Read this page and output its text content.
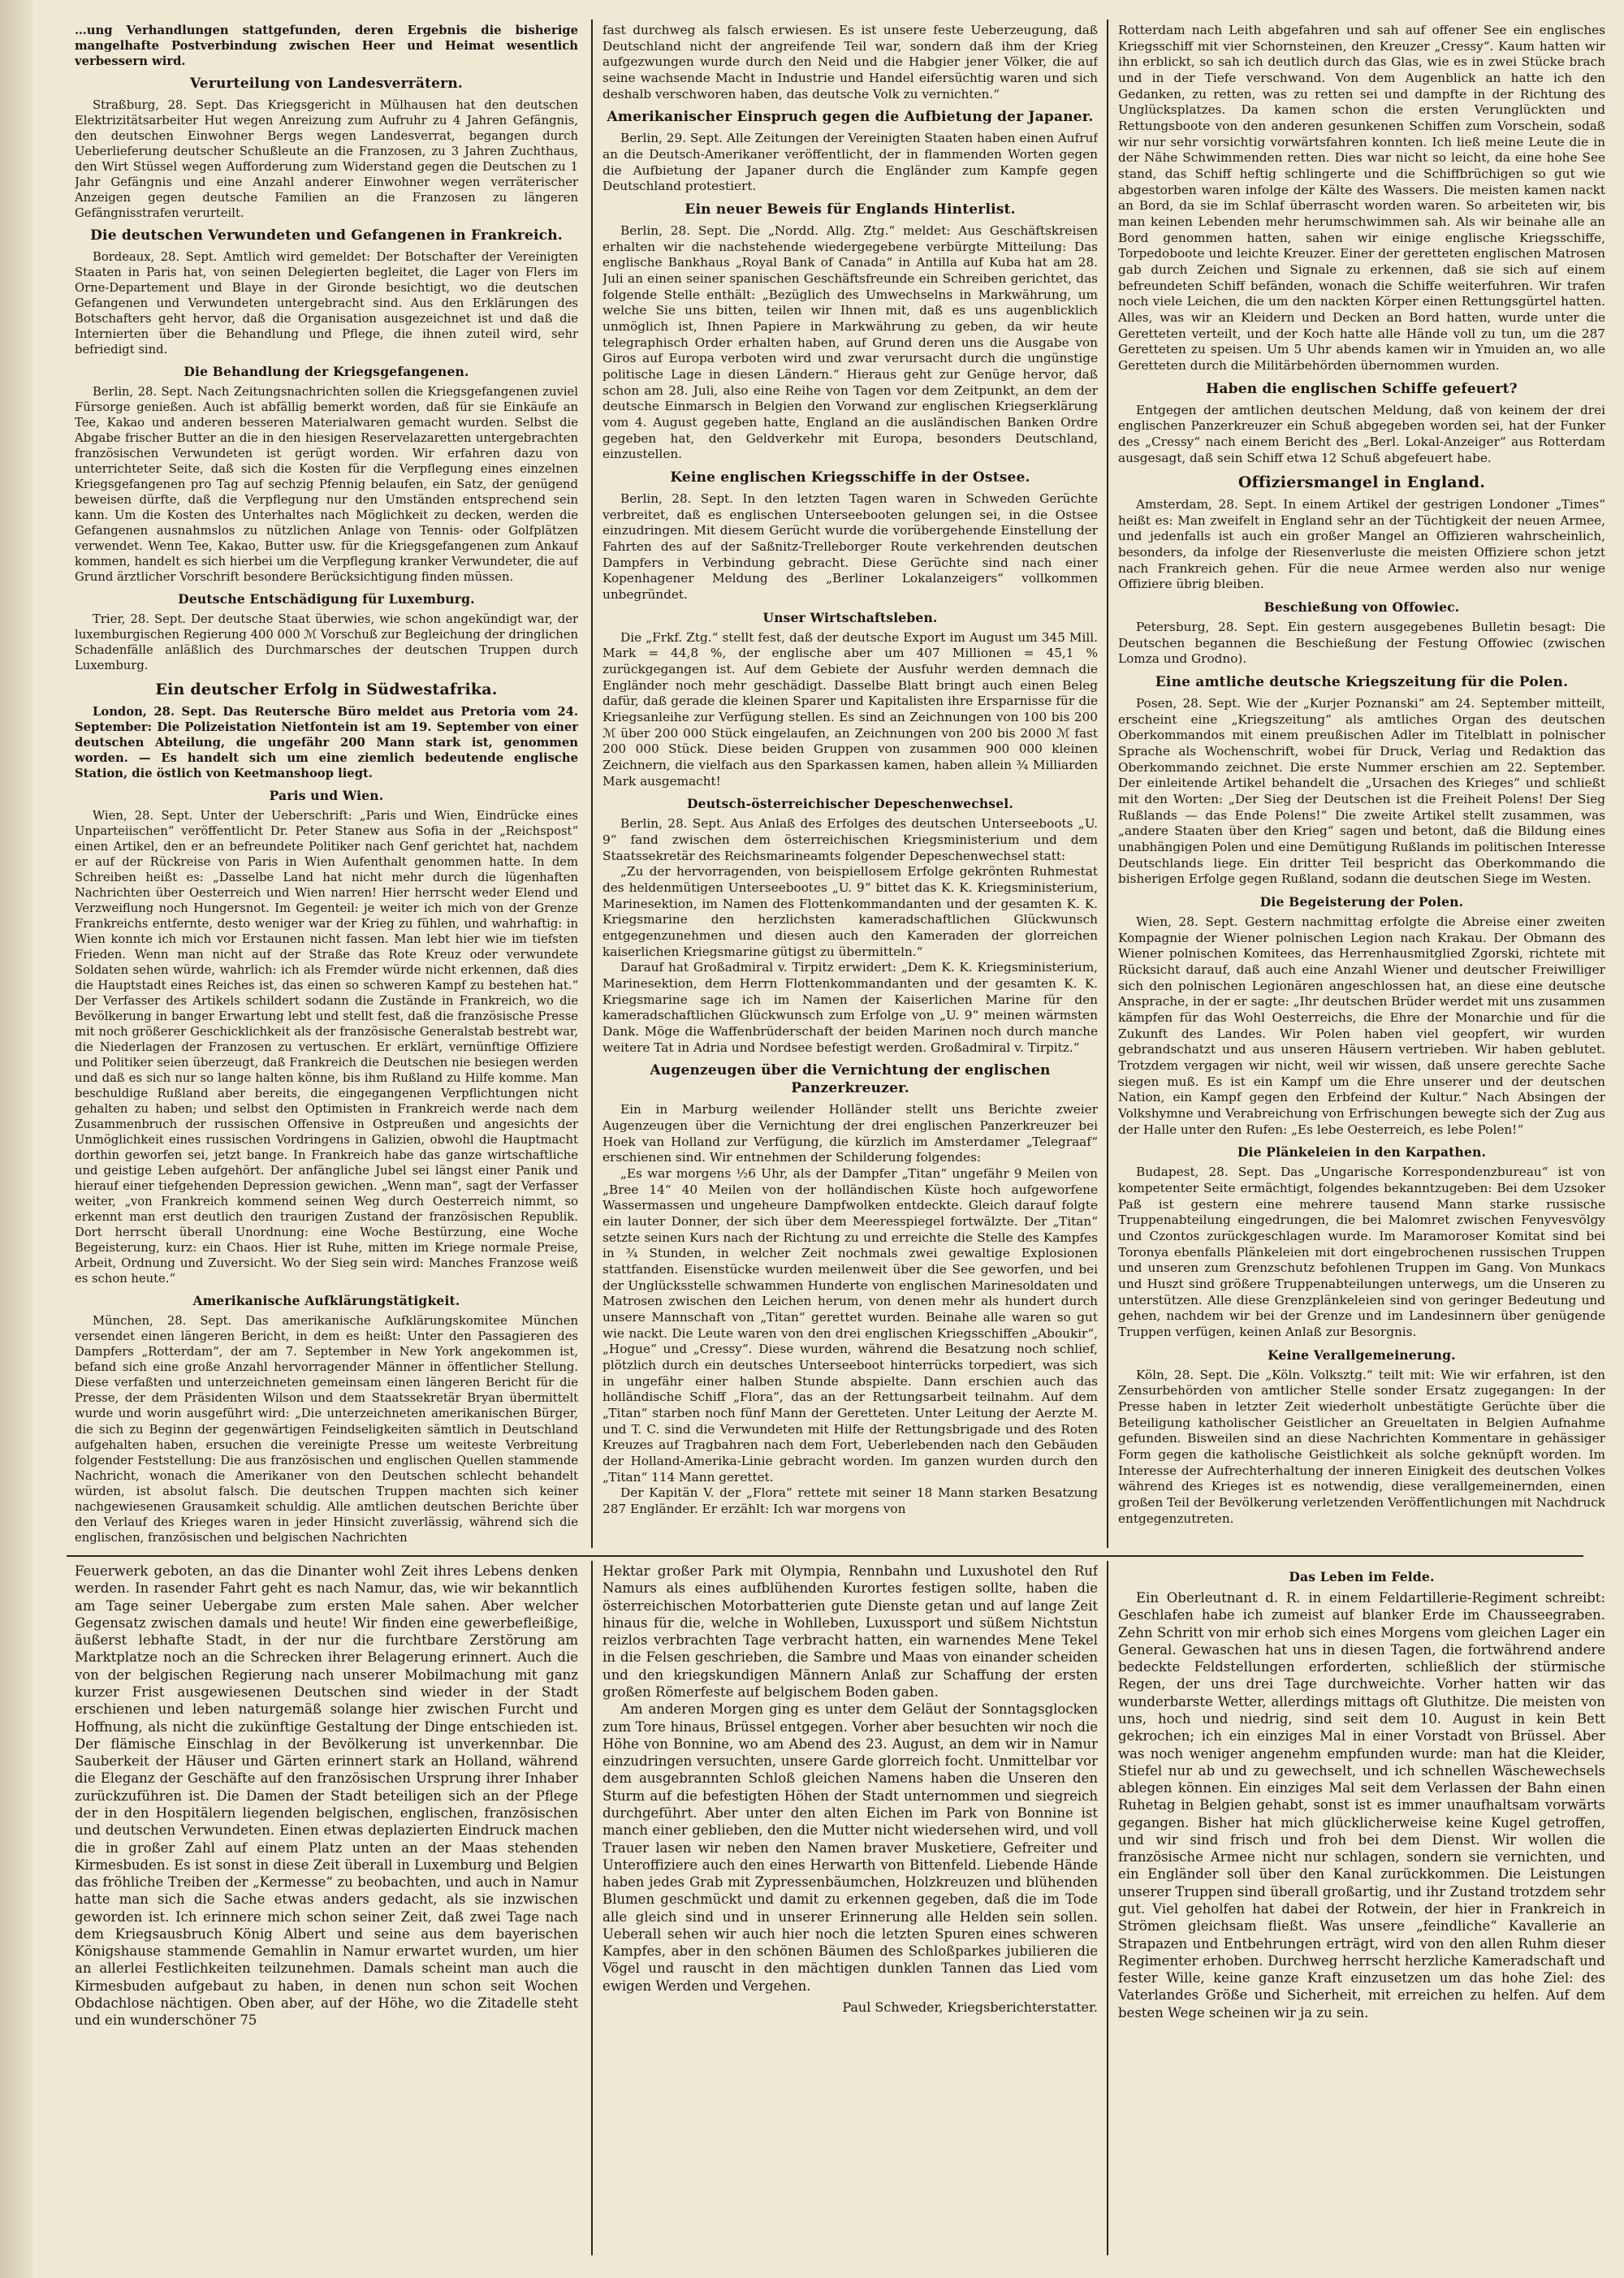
…ung Verhandlungen stattgefunden, deren Ergebnis die bisherige mangelhafte Postverbindung zwischen Heer und Heimat wesentlich verbessern wird.

Verurteilung von Landesverrätern.

Straßburg, 28. Sept. Das Kriegsgericht in Mülhausen hat den deutschen Elektrizitätsarbeiter Hut wegen Anreizung zum Aufruhr zu 4 Jahren Gefängnis, den deutschen Einwohner Bergs wegen Landesverrat, begangen durch Ueberlieferung deutscher Schußleute an die Franzosen, zu 3 Jahren Zuchthaus, den Wirt Stüssel wegen Aufforderung zum Widerstand gegen die Deutschen zu 1 Jahr Gefängnis und eine Anzahl anderer Einwohner wegen verräterischer Anzeigen gegen deutsche Familien an die Franzosen zu längeren Gefängnisstrafen verurteilt.

Die deutschen Verwundeten und Gefangenen in Frankreich.

Bordeaux, 28. Sept. Amtlich wird gemeldet: Der Botschafter der Vereinigten Staaten in Paris hat, von seinen Delegierten begleitet, die Lager von Flers im Orne-Departement und Blaye in der Gironde besichtigt, wo die deutschen Gefangenen und Verwundeten untergebracht sind. Aus den Erklärungen des Botschafters geht hervor, daß die Organisation ausgezeichnet ist und daß die Internierten über die Behandlung und Pflege, die ihnen zuteil wird, sehr befriedigt sind.

Die Behandlung der Kriegsgefangenen.

Berlin, 28. Sept. Nach Zeitungsnachrichten sollen die Kriegsgefangenen zuviel Fürsorge genießen. Auch ist abfällig bemerkt worden, daß für sie Einkäufe an Tee, Kakao und anderen besseren Materialwaren gemacht wurden. Selbst die Abgabe frischer Butter an die in den hiesigen Reservelazaretten untergebrachten französischen Verwundeten ist gerügt worden. Wir erfahren dazu von unterrichteter Seite, daß sich die Kosten für die Verpflegung eines einzelnen Kriegsgefangenen pro Tag auf sechzig Pfennig belaufen, ein Satz, der genügend beweisen dürfte, daß die Verpflegung nur den Umständen entsprechend sein kann. Um die Kosten des Unterhaltes nach Möglichkeit zu decken, werden die Gefangenen ausnahmslos zu nützlichen Anlage von Tennis- oder Golfplätzen verwendet. Wenn Tee, Kakao, Butter usw. für die Kriegsgefangenen zum Ankauf kommen, handelt es sich hierbei um die Verpflegung kranker Verwundeter, die auf Grund ärztlicher Vorschrift besondere Berücksichtigung finden müssen.

Deutsche Entschädigung für Luxemburg.

Trier, 28. Sept. Der deutsche Staat überwies, wie schon angekündigt war, der luxemburgischen Regierung 400 000 ℳ Vorschuß zur Begleichung der dringlichen Schadenfälle anläßlich des Durchmarsches der deutschen Truppen durch Luxemburg.

Ein deutscher Erfolg in Südwestafrika.

London, 28. Sept. Das Reutersche Büro meldet aus Pretoria vom 24. September: Die Polizeistation Nietfontein ist am 19. September von einer deutschen Abteilung, die ungefähr 200 Mann stark ist, genommen worden. — Es handelt sich um eine ziemlich bedeutende englische Station, die östlich von Keetmanshoop liegt.

Paris und Wien.

Wien, 28. Sept. Unter der Ueberschrift: „Paris und Wien, Eindrücke eines Unparteiischen“ veröffentlicht Dr. Peter Stanew aus Sofia in der „Reichspost“ einen Artikel, den er an befreundete Politiker nach Genf gerichtet hat, nachdem er auf der Rückreise von Paris in Wien Aufenthalt genommen hatte. In dem Schreiben heißt es: „Dasselbe Land hat nicht mehr durch die lügenhaften Nachrichten über Oesterreich und Wien narren! Hier herrscht weder Elend und Verzweiflung noch Hungersnot. Im Gegenteil: je weiter ich mich von der Grenze Frankreichs entfernte, desto weniger war der Krieg zu fühlen, und wahrhaftig: in Wien konnte ich mich vor Erstaunen nicht fassen. Man lebt hier wie im tiefsten Frieden. Wenn man nicht auf der Straße das Rote Kreuz oder verwundete Soldaten sehen würde, wahrlich: ich als Fremder würde nicht erkennen, daß dies die Hauptstadt eines Reiches ist, das einen so schweren Kampf zu bestehen hat.“ Der Verfasser des Artikels schildert sodann die Zustände in Frankreich, wo die Bevölkerung in banger Erwartung lebt und stellt fest, daß die französische Presse mit noch größerer Geschicklichkeit als der französische Generalstab bestrebt war, die Niederlagen der Franzosen zu vertuschen. Er erklärt, vernünftige Offiziere und Politiker seien überzeugt, daß Frankreich die Deutschen nie besiegen werden und daß es sich nur so lange halten könne, bis ihm Rußland zu Hilfe komme. Man beschuldige Rußland aber bereits, die eingegangenen Verpflichtungen nicht gehalten zu haben; und selbst den Optimisten in Frankreich werde nach dem Zusammenbruch der russischen Offensive in Ostpreußen und angesichts der Unmöglichkeit eines russischen Vordringens in Galizien, obwohl die Hauptmacht dorthin geworfen sei, jetzt bange. In Frankreich habe das ganze wirtschaftliche und geistige Leben aufgehört. Der anfängliche Jubel sei längst einer Panik und hierauf einer tiefgehenden Depression gewichen. „Wenn man“, sagt der Verfasser weiter, „von Frankreich kommend seinen Weg durch Oesterreich nimmt, so erkennt man erst deutlich den traurigen Zustand der französischen Republik. Dort herrscht überall Unordnung: eine Woche Bestürzung, eine Woche Begeisterung, kurz: ein Chaos. Hier ist Ruhe, mitten im Kriege normale Preise, Arbeit, Ordnung und Zuversicht. Wo der Sieg sein wird: Manches Franzose weiß es schon heute.“

Amerikanische Aufklärungstätigkeit.

München, 28. Sept. Das amerikanische Aufklärungskomitee München versendet einen längeren Bericht, in dem es heißt: Unter den Passagieren des Dampfers „Rotterdam“, der am 7. September in New York angekommen ist, befand sich eine große Anzahl hervorragender Männer in öffentlicher Stellung. Diese verfaßten und unterzeichneten gemeinsam einen längeren Bericht für die Presse, der dem Präsidenten Wilson und dem Staatssekretär Bryan übermittelt wurde und worin ausgeführt wird: „Die unterzeichneten amerikanischen Bürger, die sich zu Beginn der gegenwärtigen Feindseligkeiten sämtlich in Deutschland aufgehalten haben, ersuchen die vereinigte Presse um weiteste Verbreitung folgender Feststellung: Die aus französischen und englischen Quellen stammende Nachricht, wonach die Amerikaner von den Deutschen schlecht behandelt würden, ist absolut falsch. Die deutschen Truppen machten sich keiner nachgewiesenen Grausamkeit schuldig. Alle amtlichen deutschen Berichte über den Verlauf des Krieges waren in jeder Hinsicht zuverlässig, während sich die englischen, französischen und belgischen Nachrichten

fast durchweg als falsch erwiesen. Es ist unsere feste Ueberzeugung, daß Deutschland nicht der angreifende Teil war, sondern daß ihm der Krieg aufgezwungen wurde durch den Neid und die Habgier jener Völker, die auf seine wachsende Macht in Industrie und Handel eifersüchtig waren und sich deshalb verschworen haben, das deutsche Volk zu vernichten.“

Amerikanischer Einspruch gegen die Aufbietung der Japaner.

Berlin, 29. Sept. Alle Zeitungen der Vereinigten Staaten haben einen Aufruf an die Deutsch-Amerikaner veröffentlicht, der in flammenden Worten gegen die Aufbietung der Japaner durch die Engländer zum Kampfe gegen Deutschland protestiert.

Ein neuer Beweis für Englands Hinterlist.

Berlin, 28. Sept. Die „Nordd. Allg. Ztg.“ meldet: Aus Geschäftskreisen erhalten wir die nachstehende wiedergegebene verbürgte Mitteilung: Das englische Bankhaus „Royal Bank of Canada“ in Antilla auf Kuba hat am 28. Juli an einen seiner spanischen Geschäftsfreunde ein Schreiben gerichtet, das folgende Stelle enthält: „Bezüglich des Umwechselns in Markwährung, um welche Sie uns bitten, teilen wir Ihnen mit, daß es uns augenblicklich unmöglich ist, Ihnen Papiere in Markwährung zu geben, da wir heute telegraphisch Order erhalten haben, auf Grund deren uns die Ausgabe von Giros auf Europa verboten wird und zwar verursacht durch die ungünstige politische Lage in diesen Ländern.“ Hieraus geht zur Genüge hervor, daß schon am 28. Juli, also eine Reihe von Tagen vor dem Zeitpunkt, an dem der deutsche Einmarsch in Belgien den Vorwand zur englischen Kriegserklärung vom 4. August gegeben hatte, England an die ausländischen Banken Ordre gegeben hat, den Geldverkehr mit Europa, besonders Deutschland, einzustellen.

Keine englischen Kriegsschiffe in der Ostsee.

Berlin, 28. Sept. In den letzten Tagen waren in Schweden Gerüchte verbreitet, daß es englischen Unterseebooten gelungen sei, in die Ostsee einzudringen. Mit diesem Gerücht wurde die vorübergehende Einstellung der Fahrten des auf der Saßnitz-Trelleborger Route verkehrenden deutschen Dampfers in Verbindung gebracht. Diese Gerüchte sind nach einer Kopenhagener Meldung des „Berliner Lokalanzeigers“ vollkommen unbegründet.

Unser Wirtschaftsleben.

Die „Frkf. Ztg.“ stellt fest, daß der deutsche Export im August um 345 Mill. Mark = 44,8 %, der englische aber um 407 Millionen = 45,1 % zurückgegangen ist. Auf dem Gebiete der Ausfuhr werden demnach die Engländer noch mehr geschädigt. Dasselbe Blatt bringt auch einen Beleg dafür, daß gerade die kleinen Sparer und Kapitalisten ihre Ersparnisse für die Kriegsanleihe zur Verfügung stellen. Es sind an Zeichnungen von 100 bis 200 ℳ über 200 000 Stück eingelaufen, an Zeichnungen von 200 bis 2000 ℳ fast 200 000 Stück. Diese beiden Gruppen von zusammen 900 000 kleinen Zeichnern, die vielfach aus den Sparkassen kamen, haben allein ¾ Milliarden Mark ausgemacht!

Deutsch-österreichischer Depeschenwechsel.

Berlin, 28. Sept. Aus Anlaß des Erfolges des deutschen Unterseeboots „U. 9“ fand zwischen dem österreichischen Kriegsministerium und dem Staatssekretär des Reichsmarineamts folgender Depeschenwechsel statt:

„Zu der hervorragenden, von beispiellosem Erfolge gekrönten Ruhmestat des heldenmütigen Unterseebootes „U. 9“ bittet das K. K. Kriegsministerium, Marinesektion, im Namen des Flottenkommandanten und der gesamten K. K. Kriegsmarine den herzlichsten kameradschaftlichen Glückwunsch entgegenzunehmen und diesen auch den Kameraden der glorreichen kaiserlichen Kriegsmarine gütigst zu übermitteln.“

Darauf hat Großadmiral v. Tirpitz erwidert: „Dem K. K. Kriegsministerium, Marinesektion, dem Herrn Flottenkommandanten und der gesamten K. K. Kriegsmarine sage ich im Namen der Kaiserlichen Marine für den kameradschaftlichen Glückwunsch zum Erfolge von „U. 9“ meinen wärmsten Dank. Möge die Waffenbrüderschaft der beiden Marinen noch durch manche weitere Tat in Adria und Nordsee befestigt werden. Großadmiral v. Tirpitz.“

Augenzeugen über die Vernichtung der englischen Panzerkreuzer.

Ein in Marburg weilender Holländer stellt uns Berichte zweier Augenzeugen über die Vernichtung der drei englischen Panzerkreuzer bei Hoek van Holland zur Verfügung, die kürzlich im Amsterdamer „Telegraaf“ erschienen sind. Wir entnehmen der Schilderung folgendes:

„Es war morgens ½6 Uhr, als der Dampfer „Titan“ ungefähr 9 Meilen von „Bree 14“ 40 Meilen von der holländischen Küste hoch aufgeworfene Wassermassen und ungeheure Dampfwolken entdeckte. Gleich darauf folgte ein lauter Donner, der sich über dem Meeresspiegel fortwälzte. Der „Titan“ setzte seinen Kurs nach der Richtung zu und erreichte die Stelle des Kampfes in ¾ Stunden, in welcher Zeit nochmals zwei gewaltige Explosionen stattfanden. Eisenstücke wurden meilenweit über die See geworfen, und bei der Unglücksstelle schwammen Hunderte von englischen Marinesoldaten und Matrosen zwischen den Leichen herum, von denen mehr als hundert durch unsere Mannschaft von „Titan“ gerettet wurden. Beinahe alle waren so gut wie nackt. Die Leute waren von den drei englischen Kriegsschiffen „Aboukir“, „Hogue“ und „Cressy“. Diese wurden, während die Besatzung noch schlief, plötzlich durch ein deutsches Unterseeboot hinterrücks torpediert, was sich in ungefähr einer halben Stunde abspielte. Dann erschien auch das holländische Schiff „Flora“, das an der Rettungsarbeit teilnahm. Auf dem „Titan“ starben noch fünf Mann der Geretteten. Unter Leitung der Aerzte M. und T. C. sind die Verwundeten mit Hilfe der Rettungsbrigade und des Roten Kreuzes auf Tragbahren nach dem Fort, Ueberlebenden nach den Gebäuden der Holland-Amerika-Linie gebracht worden. Im ganzen wurden durch den „Titan“ 114 Mann gerettet.

Der Kapitän V. der „Flora“ rettete mit seiner 18 Mann starken Besatzung 287 Engländer. Er erzählt: Ich war morgens von

Rotterdam nach Leith abgefahren und sah auf offener See ein englisches Kriegsschiff mit vier Schornsteinen, den Kreuzer „Cressy“. Kaum hatten wir ihn erblickt, so sah ich deutlich durch das Glas, wie es in zwei Stücke brach und in der Tiefe verschwand. Von dem Augenblick an hatte ich den Gedanken, zu retten, was zu retten sei und dampfte in der Richtung des Unglücksplatzes. Da kamen schon die ersten Verunglückten und Rettungsboote von den anderen gesunkenen Schiffen zum Vorschein, sodaß wir nur sehr vorsichtig vorwärtsfahren konnten. Ich ließ meine Leute die in der Nähe Schwimmenden retten. Dies war nicht so leicht, da eine hohe See stand, das Schiff heftig schlingerte und die Schiffbrüchigen so gut wie abgestorben waren infolge der Kälte des Wassers. Die meisten kamen nackt an Bord, da sie im Schlaf überrascht worden waren. So arbeiteten wir, bis man keinen Lebenden mehr herumschwimmen sah. Als wir beinahe alle an Bord genommen hatten, sahen wir einige englische Kriegsschiffe, Torpedoboote und leichte Kreuzer. Einer der geretteten englischen Matrosen gab durch Zeichen und Signale zu erkennen, daß sie sich auf einem befreundeten Schiff befänden, wonach die Schiffe weiterfuhren. Wir trafen noch viele Leichen, die um den nackten Körper einen Rettungsgürtel hatten. Alles, was wir an Kleidern und Decken an Bord hatten, wurde unter die Geretteten verteilt, und der Koch hatte alle Hände voll zu tun, um die 287 Geretteten zu speisen. Um 5 Uhr abends kamen wir in Ymuiden an, wo alle Geretteten durch die Militärbehörden übernommen wurden.

Haben die englischen Schiffe gefeuert?

Entgegen der amtlichen deutschen Meldung, daß von keinem der drei englischen Panzerkreuzer ein Schuß abgegeben worden sei, hat der Funker des „Cressy“ nach einem Bericht des „Berl. Lokal-Anzeiger“ aus Rotterdam ausgesagt, daß sein Schiff etwa 12 Schuß abgefeuert habe.

Offiziersmangel in England.

Amsterdam, 28. Sept. In einem Artikel der gestrigen Londoner „Times“ heißt es: Man zweifelt in England sehr an der Tüchtigkeit der neuen Armee, und jedenfalls ist auch ein großer Mangel an Offizieren wahrscheinlich, besonders, da infolge der Riesenverluste die meisten Offiziere schon jetzt nach Frankreich gehen. Für die neue Armee werden also nur wenige Offiziere übrig bleiben.

Beschießung von Offowiec.

Petersburg, 28. Sept. Ein gestern ausgegebenes Bulletin besagt: Die Deutschen begannen die Beschießung der Festung Offowiec (zwischen Lomza und Grodno).

Eine amtliche deutsche Kriegszeitung für die Polen.

Posen, 28. Sept. Wie der „Kurjer Poznanski“ am 24. September mitteilt, erscheint eine „Kriegszeitung“ als amtliches Organ des deutschen Oberkommandos mit einem preußischen Adler im Titelblatt in polnischer Sprache als Wochenschrift, wobei für Druck, Verlag und Redaktion das Oberkommando zeichnet. Die erste Nummer erschien am 22. September. Der einleitende Artikel behandelt die „Ursachen des Krieges“ und schließt mit den Worten: „Der Sieg der Deutschen ist die Freiheit Polens! Der Sieg Rußlands — das Ende Polens!“ Die zweite Artikel stellt zusammen, was „andere Staaten über den Krieg“ sagen und betont, daß die Bildung eines unabhängigen Polen und eine Demütigung Rußlands im politischen Interesse Deutschlands liege. Ein dritter Teil bespricht das Oberkommando die bisherigen Erfolge gegen Rußland, sodann die deutschen Siege im Westen.

Die Begeisterung der Polen.

Wien, 28. Sept. Gestern nachmittag erfolgte die Abreise einer zweiten Kompagnie der Wiener polnischen Legion nach Krakau. Der Obmann des Wiener polnischen Komitees, das Herrenhausmitglied Zgorski, richtete mit Rücksicht darauf, daß auch eine Anzahl Wiener und deutscher Freiwilliger sich den polnischen Legionären angeschlossen hat, an diese eine deutsche Ansprache, in der er sagte: „Ihr deutschen Brüder werdet mit uns zusammen kämpfen für das Wohl Oesterreichs, die Ehre der Monarchie und für die Zukunft des Landes. Wir Polen haben viel geopfert, wir wurden gebrandschatzt und aus unseren Häusern vertrieben. Wir haben geblutet. Trotzdem vergagen wir nicht, weil wir wissen, daß unsere gerechte Sache siegen muß. Es ist ein Kampf um die Ehre unserer und der deutschen Nation, ein Kampf gegen den Erbfeind der Kultur.“ Nach Absingen der Volkshymne und Verabreichung von Erfrischungen bewegte sich der Zug aus der Halle unter den Rufen: „Es lebe Oesterreich, es lebe Polen!“

Die Plänkeleien in den Karpathen.

Budapest, 28. Sept. Das „Ungarische Korrespondenzbureau“ ist von kompetenter Seite ermächtigt, folgendes bekanntzugeben: Bei dem Uzsoker Paß ist gestern eine mehrere tausend Mann starke russische Truppenabteilung eingedrungen, die bei Malomret zwischen Fenyvesvölgy und Czontos zurückgeschlagen wurde. Im Maramoroser Komitat sind bei Toronya ebenfalls Plänkeleien mit dort eingebrochenen russischen Truppen und unseren zum Grenzschutz befohlenen Truppen im Gang. Von Munkacs und Huszt sind größere Truppenabteilungen unterwegs, um die Unseren zu unterstützen. Alle diese Grenzplänkeleien sind von geringer Bedeutung und gehen, nachdem wir bei der Grenze und im Landesinnern über genügende Truppen verfügen, keinen Anlaß zur Besorgnis.

Keine Verallgemeinerung.

Köln, 28. Sept. Die „Köln. Volksztg.“ teilt mit: Wie wir erfahren, ist den Zensurbehörden von amtlicher Stelle sonder Ersatz zugegangen: In der Presse haben in letzter Zeit wiederholt unbestätigte Gerüchte über die Beteiligung katholischer Geistlicher an Greueltaten in Belgien Aufnahme gefunden. Bisweilen sind an diese Nachrichten Kommentare in gehässiger Form gegen die katholische Geistlichkeit als solche geknüpft worden. Im Interesse der Aufrechterhaltung der inneren Einigkeit des deutschen Volkes während des Krieges ist es notwendig, diese verallgemeinernden, einen großen Teil der Bevölkerung verletzenden Veröffentlichungen mit Nachdruck entgegenzutreten.

Feuerwerk geboten, an das die Dinanter wohl Zeit ihres Lebens denken werden. In rasender Fahrt geht es nach Namur, das, wie wir bekanntlich am Tage seiner Uebergabe zum ersten Male sahen. Aber welcher Gegensatz zwischen damals und heute! Wir finden eine gewerbefleißige, äußerst lebhafte Stadt, in der nur die furchtbare Zerstörung am Marktplatze noch an die Schrecken ihrer Belagerung erinnert. Auch die von der belgischen Regierung nach unserer Mobilmachung mit ganz kurzer Frist ausgewiesenen Deutschen sind wieder in der Stadt erschienen und leben naturgemäß solange hier zwischen Furcht und Hoffnung, als nicht die zukünftige Gestaltung der Dinge entschieden ist. Der flämische Einschlag in der Bevölkerung ist unverkennbar. Die Sauberkeit der Häuser und Gärten erinnert stark an Holland, während die Eleganz der Geschäfte auf den französischen Ursprung ihrer Inhaber zurückzuführen ist. Die Damen der Stadt beteiligen sich an der Pflege der in den Hospitälern liegenden belgischen, englischen, französischen und deutschen Verwundeten. Einen etwas deplazierten Eindruck machen die in großer Zahl auf einem Platz unten an der Maas stehenden Kirmesbuden. Es ist sonst in diese Zeit überall in Luxemburg und Belgien das fröhliche Treiben der „Kermesse“ zu beobachten, und auch in Namur hatte man sich die Sache etwas anders gedacht, als sie inzwischen geworden ist. Ich erinnere mich schon seiner Zeit, daß zwei Tage nach dem Kriegsausbruch König Albert und seine aus dem bayerischen Königshause stammende Gemahlin in Namur erwartet wurden, um hier an allerlei Festlichkeiten teilzunehmen. Damals scheint man auch die Kirmesbuden aufgebaut zu haben, in denen nun schon seit Wochen Obdachlose nächtigen. Oben aber, auf der Höhe, wo die Zitadelle steht und ein wunderschöner 75

Hektar großer Park mit Olympia, Rennbahn und Luxushotel den Ruf Namurs als eines aufblühenden Kurortes festigen sollte, haben die österreichischen Motorbatterien gute Dienste getan und auf lange Zeit hinaus für die, welche in Wohlleben, Luxussport und süßem Nichtstun reizlos verbrachten Tage verbracht hatten, ein warnendes Mene Tekel in die Felsen geschrieben, die Sambre und Maas von einander scheiden und den kriegskundigen Männern Anlaß zur Schaffung der ersten großen Römerfeste auf belgischem Boden gaben.

Am anderen Morgen ging es unter dem Geläut der Sonntagsglocken zum Tore hinaus, Brüssel entgegen. Vorher aber besuchten wir noch die Höhe von Bonnine, wo am Abend des 23. August, an dem wir in Namur einzudringen versuchten, unsere Garde glorreich focht. Unmittelbar vor dem ausgebrannten Schloß gleichen Namens haben die Unseren den Sturm auf die befestigten Höhen der Stadt unternommen und siegreich durchgeführt. Aber unter den alten Eichen im Park von Bonnine ist manch einer geblieben, den die Mutter nicht wiedersehen wird, und voll Trauer lasen wir neben den Namen braver Musketiere, Gefreiter und Unteroffiziere auch den eines Herwarth von Bittenfeld. Liebende Hände haben jedes Grab mit Zypressenbäumchen, Holzkreuzen und blühenden Blumen geschmückt und damit zu erkennen gegeben, daß die im Tode alle gleich sind und in unserer Erinnerung alle Helden sein sollen. Ueberall sehen wir auch hier noch die letzten Spuren eines schweren Kampfes, aber in den schönen Bäumen des Schloßparkes jubilieren die Vögel und rauscht in den mächtigen dunklen Tannen das Lied vom ewigen Werden und Vergehen.

Paul Schweder, Kriegsberichterstatter.
Das Leben im Felde.

Ein Oberleutnant d. R. in einem Feldartillerie-Regiment schreibt: Geschlafen habe ich zumeist auf blanker Erde im Chausseegraben. Zehn Schritt von mir erhob sich eines Morgens vom gleichen Lager ein General. Gewaschen hat uns in diesen Tagen, die fortwährend andere bedeckte Feldstellungen erforderten, schließlich der stürmische Regen, der uns drei Tage durchweichte. Vorher hatten wir das wunderbarste Wetter, allerdings mittags oft Gluthitze. Die meisten von uns, hoch und niedrig, sind seit dem 10. August in kein Bett gekrochen; ich ein einziges Mal in einer Vorstadt von Brüssel. Aber was noch weniger angenehm empfunden wurde: man hat die Kleider, Stiefel nur ab und zu gewechselt, und ich schnellen Wäschewechsels ablegen können. Ein einziges Mal seit dem Verlassen der Bahn einen Ruhetag in Belgien gehabt, sonst ist es immer unaufhaltsam vorwärts gegangen. Bisher hat mich glücklicherweise keine Kugel getroffen, und wir sind frisch und froh bei dem Dienst. Wir wollen die französische Armee nicht nur schlagen, sondern sie vernichten, und ein Engländer soll über den Kanal zurückkommen. Die Leistungen unserer Truppen sind überall großartig, und ihr Zustand trotzdem sehr gut. Viel geholfen hat dabei der Rotwein, der hier in Frankreich in Strömen gleichsam fließt. Was unsere „feindliche“ Kavallerie an Strapazen und Entbehrungen erträgt, wird von den allen Ruhm dieser Regimenter erhoben. Durchweg herrscht herzliche Kameradschaft und fester Wille, keine ganze Kraft einzusetzen um das hohe Ziel: des Vaterlandes Größe und Sicherheit, mit erreichen zu helfen. Auf dem besten Wege scheinen wir ja zu sein.
